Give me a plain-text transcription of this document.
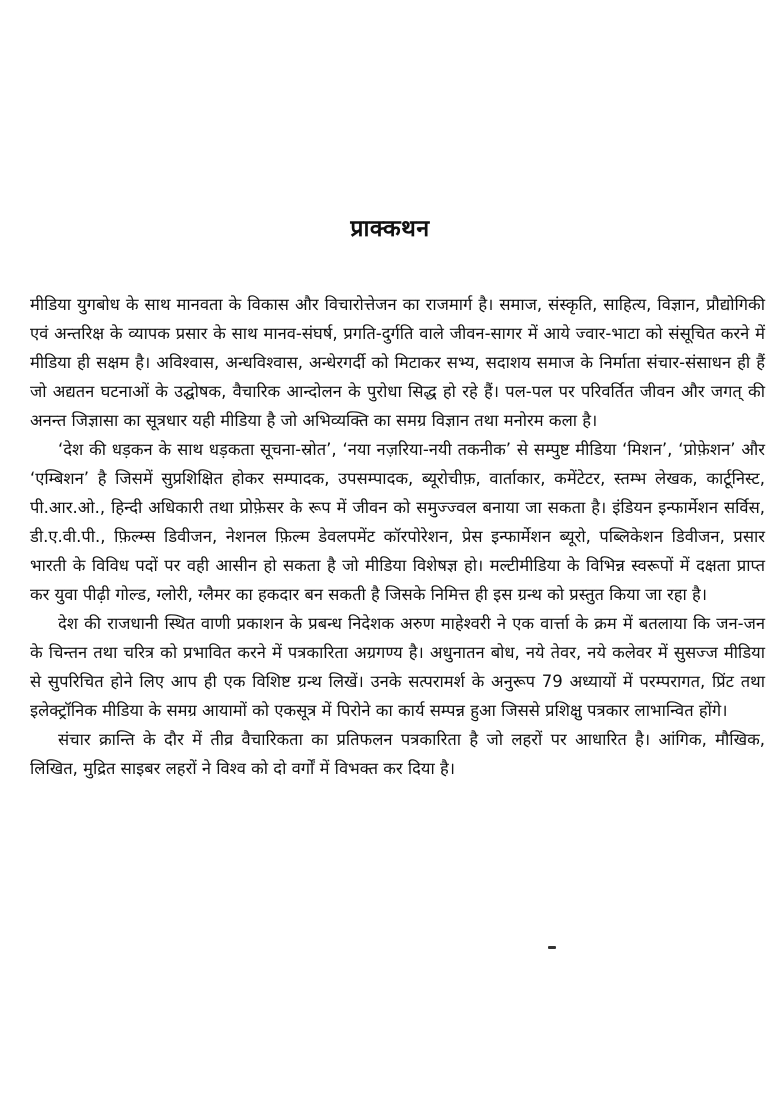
प्राक्कथन

मीडिया युगबोध के साथ मानवता के विकास और विचारोत्तेजन का राजमार्ग है। समाज, संस्कृति, साहित्य, विज्ञान, प्रौद्योगिकी एवं अन्तरिक्ष के व्यापक प्रसार के साथ मानव-संघर्ष, प्रगति-दुर्गति वाले जीवन-सागर में आये ज्वार-भाटा को संसूचित करने में मीडिया ही सक्षम है। अविश्वास, अन्धविश्वास, अन्धेरगर्दी को मिटाकर सभ्य, सदाशय समाज के निर्माता संचार-संसाधन ही हैं जो अद्यतन घटनाओं के उद्घोषक, वैचारिक आन्दोलन के पुरोधा सिद्ध हो रहे हैं। पल-पल पर परिवर्तित जीवन और जगत् की अनन्त जिज्ञासा का सूत्रधार यही मीडिया है जो अभिव्यक्ति का समग्र विज्ञान तथा मनोरम कला है।

‘देश की धड़कन के साथ धड़कता सूचना-स्रोत’, ‘नया नज़रिया-नयी तकनीक’ से सम्पुष्ट मीडिया ‘मिशन’, ‘प्रोफ़ेशन’ और ‘एम्बिशन’ है जिसमें सुप्रशिक्षित होकर सम्पादक, उपसम्पादक, ब्यूरोचीफ़, वार्ताकार, कमेंटेटर, स्तम्भ लेखक, कार्टूनिस्ट, पी.आर.ओ., हिन्दी अधिकारी तथा प्रोफ़ेसर के रूप में जीवन को समुज्ज्वल बनाया जा सकता है। इंडियन इन्फार्मेशन सर्विस, डी.ए.वी.पी., फ़िल्म्स डिवीजन, नेशनल फ़िल्म डेवलपमेंट कॉरपोरेशन, प्रेस इन्फार्मेशन ब्यूरो, पब्लिकेशन डिवीजन, प्रसार भारती के विविध पदों पर वही आसीन हो सकता है जो मीडिया विशेषज्ञ हो। मल्टीमीडिया के विभिन्न स्वरूपों में दक्षता प्राप्त कर युवा पीढ़ी गोल्ड, ग्लोरी, ग्लैमर का हकदार बन सकती है जिसके निमित्त ही इस ग्रन्थ को प्रस्तुत किया जा रहा है।

देश की राजधानी स्थित वाणी प्रकाशन के प्रबन्ध निदेशक अरुण माहेश्वरी ने एक वार्त्ता के क्रम में बतलाया कि जन-जन के चिन्तन तथा चरित्र को प्रभावित करने में पत्रकारिता अग्रगण्य है। अधुनातन बोध, नये तेवर, नये कलेवर में सुसज्ज मीडिया से सुपरिचित होने लिए आप ही एक विशिष्ट ग्रन्थ लिखें। उनके सत्परामर्श के अनुरूप 79 अध्यायों में परम्परागत, प्रिंट तथा इलेक्ट्रॉनिक मीडिया के समग्र आयामों को एकसूत्र में पिरोने का कार्य सम्पन्न हुआ जिससे प्रशिक्षु पत्रकार लाभान्वित होंगे।

संचार क्रान्ति के दौर में तीव्र वैचारिकता का प्रतिफलन पत्रकारिता है जो लहरों पर आधारित है। आंगिक, मौखिक, लिखित, मुद्रित साइबर लहरों ने विश्व को दो वर्गों में विभक्त कर दिया है।
